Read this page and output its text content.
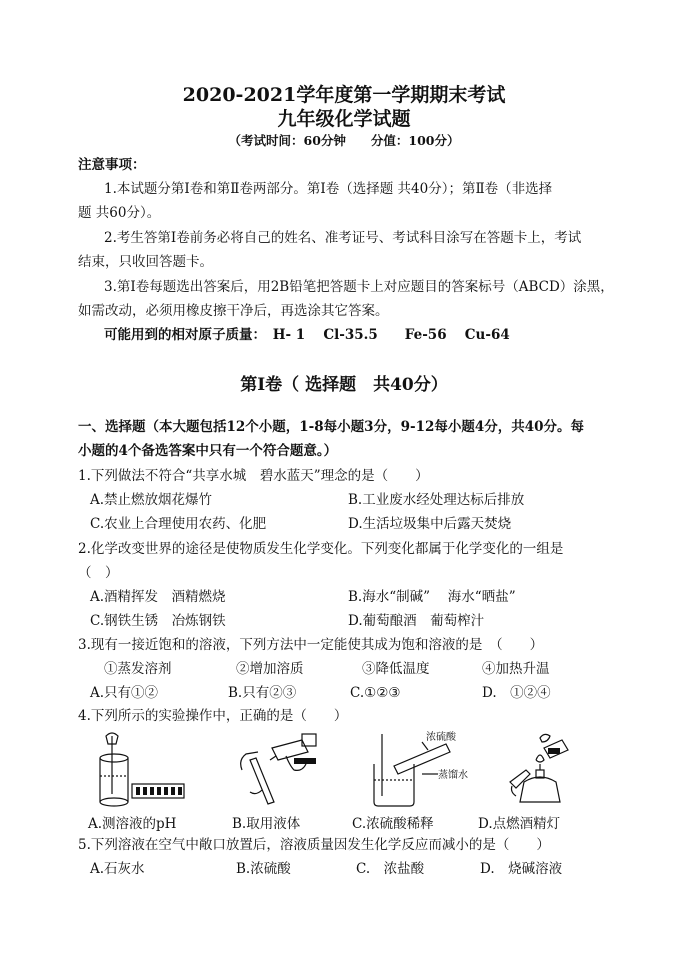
2020-2021学年度第一学期期末考试
九年级化学试题
（考试时间：60分钟　　分值：100分）
注意事项：
1.本试题分第Ⅰ卷和第Ⅱ卷两部分。第Ⅰ卷（选择题 共40分）；第Ⅱ卷（非选择
题 共60分）。
2.考生答第Ⅰ卷前务必将自己的姓名、准考证号、考试科目涂写在答题卡上，考试
结束，只收回答题卡。
3.第Ⅰ卷每题选出答案后，用2B铅笔把答题卡上对应题目的答案标号（ABCD）涂黑，
如需改动，必须用橡皮擦干净后，再选涂其它答案。
可能用到的相对原子质量：　H- 1　 Cl-35.5　　Fe-56　 Cu-64
第Ⅰ卷（ 选择题　共40分）
一、选择题（本大题包括12个小题，1-8每小题3分，9-12每小题4分，共40分。每
小题的4个备选答案中只有一个符合题意。）
1.下列做法不符合“共享水城　碧水蓝天”理念的是（　　）
A.禁止燃放烟花爆竹	B.工业废水经处理达标后排放
C.农业上合理使用农药、化肥	D.生活垃圾集中后露天焚烧
2.化学改变世界的途径是使物质发生化学变化。下列变化都属于化学变化的一组是
（　）
A.酒精挥发　酒精燃烧	B.海水“制碱”　 海水“晒盐”
C.钢铁生锈　冶炼钢铁	D.葡萄酿酒　葡萄榨汁
3.现有一接近饱和的溶液，下列方法中一定能使其成为饱和溶液的是　（　　）
①蒸发溶剂	②增加溶质	③降低温度	④加热升温
A.只有①②	B.只有②③	C.①②③	D.　①②④
4.下列所示的实验操作中，正确的是（　　）
浓硫酸
蒸馏水
A.测溶液的pH	B.取用液体	C.浓硫酸稀释	D.点燃酒精灯
5.下列溶液在空气中敞口放置后，溶液质量因发生化学反应而减小的是（　　）
A.石灰水	B.浓硫酸	C.　浓盐酸	D.　烧碱溶液
